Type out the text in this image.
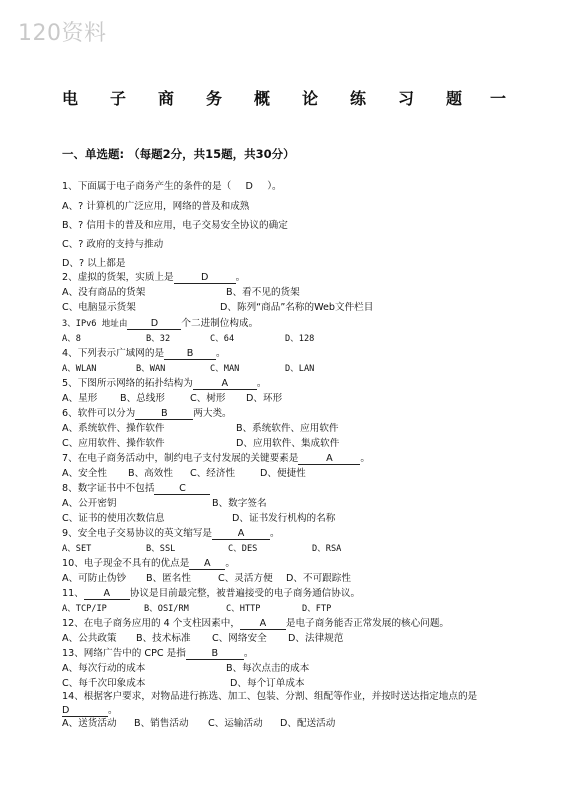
120资料
电 子 商 务 概 论 练 习 题 一
一、单选题: （每题2分，共15题，共30分）
1、下面属于电子商务产生的条件的是（ D ）。
A、? 计算机的广泛应用，网络的普及和成熟
B、? 信用卡的普及和应用，电子交易安全协议的确定
C、? 政府的支持与推动
D、? 以上都是
2、虚拟的货架，实质上是	D	。
A、没有商品的货架	B、看不见的货架
C、电脑显示货架	D、陈列“商品”名称的Web文件栏目
3、IPv6 地址由 D 个二进制位构成。
A、8	B、32	C、64	D、128
4、下列表示广域网的是 B 。
A、WLAN	B、WAN	C、MAN	D、LAN
5、下图所示网络的拓扑结构为	A	。
A、星形 B、总线形	C、树形 D、环形
6、软件可以分为	B	两大类。
A、系统软件、操作软件	B、系统软件、应用软件
C、应用软件、操作软件	D、应用软件、集成软件
7、在电子商务活动中，制约电子支付发展的关键要素是	A	。
A、安全性 B、高效性 C、经济性	D、便捷性
8、数字证书中不包括	C
A、公开密钥	B、数字签名
C、证书的使用次数信息	D、证书发行机构的名称
9、安全电子交易协议的英文缩写是	A	。
A、SET	B、SSL	C、DES	D、RSA
10、电子现金不具有的优点是 A 。
A、可防止伪钞 B、匿名性	C、灵活方便 D、不可跟踪性
11、 A 协议是目前最完整，被普遍接受的电子商务通信协议。
A、TCP/IP	B、OSI/RM	C、HTTP	D、FTP
12、在电子商务应用的 4 个支柱因素中， A 是电子商务能否正常发展的核心问题。
A、公共政策 B、技术标准 C、网络安全 D、法律规范
13、网络广告中的 CPC 是指	B	。
A、每次行动的成本	B、每次点击的成本
C、每千次印象成本	D、每个订单成本
14、根据客户要求，对物品进行拣选、加工、包装、分割、组配等作业，并按时送达指定地点的是
D	。
A、送货活动 B、销售活动 C、运输活动 D、配送活动
